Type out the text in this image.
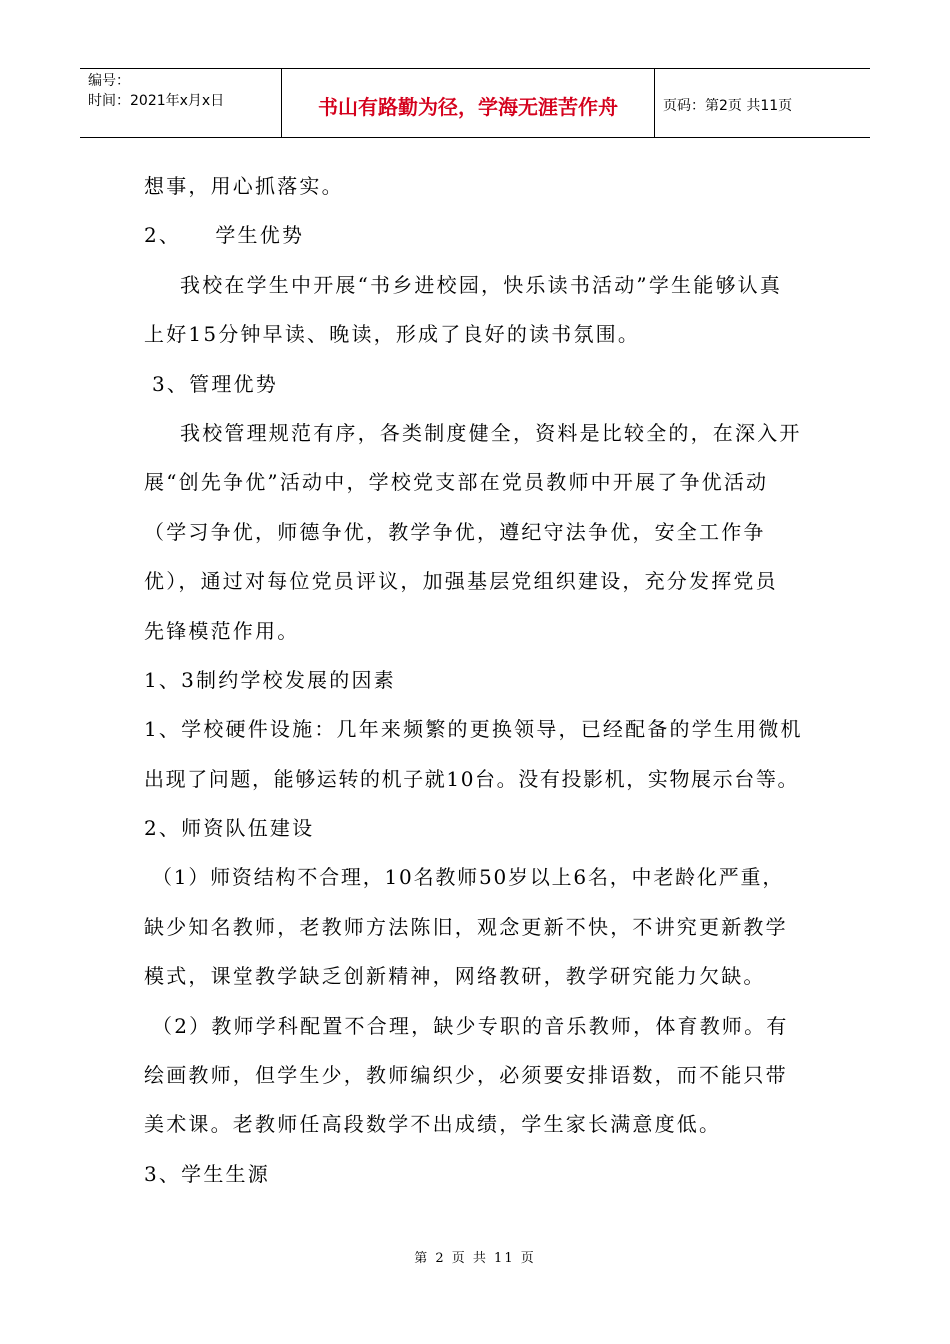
编号：
时间：2021年x月x日	书山有路勤为径，学海无涯苦作舟	页码：第2页 共11页
想事，用心抓落实。
2、    学生优势
我校在学生中开展“书乡进校园，快乐读书活动”学生能够认真
上好15分钟早读、晚读，形成了良好的读书氛围。
3、管理优势
我校管理规范有序，各类制度健全，资料是比较全的，在深入开
展“创先争优”活动中，学校党支部在党员教师中开展了争优活动
（学习争优，师德争优，教学争优，遵纪守法争优，安全工作争
优），通过对每位党员评议，加强基层党组织建设，充分发挥党员
先锋模范作用。
1、3制约学校发展的因素
1、学校硬件设施：几年来频繁的更换领导，已经配备的学生用微机
出现了问题，能够运转的机子就10台。没有投影机，实物展示台等。
2、师资队伍建设
（1）师资结构不合理，10名教师50岁以上6名，中老龄化严重，
缺少知名教师，老教师方法陈旧，观念更新不快，不讲究更新教学
模式，课堂教学缺乏创新精神，网络教研，教学研究能力欠缺。
（2）教师学科配置不合理，缺少专职的音乐教师，体育教师。有
绘画教师，但学生少，教师编织少，必须要安排语数，而不能只带
美术课。老教师任高段数学不出成绩，学生家长满意度低。
3、学生生源
第 2 页 共 11 页
